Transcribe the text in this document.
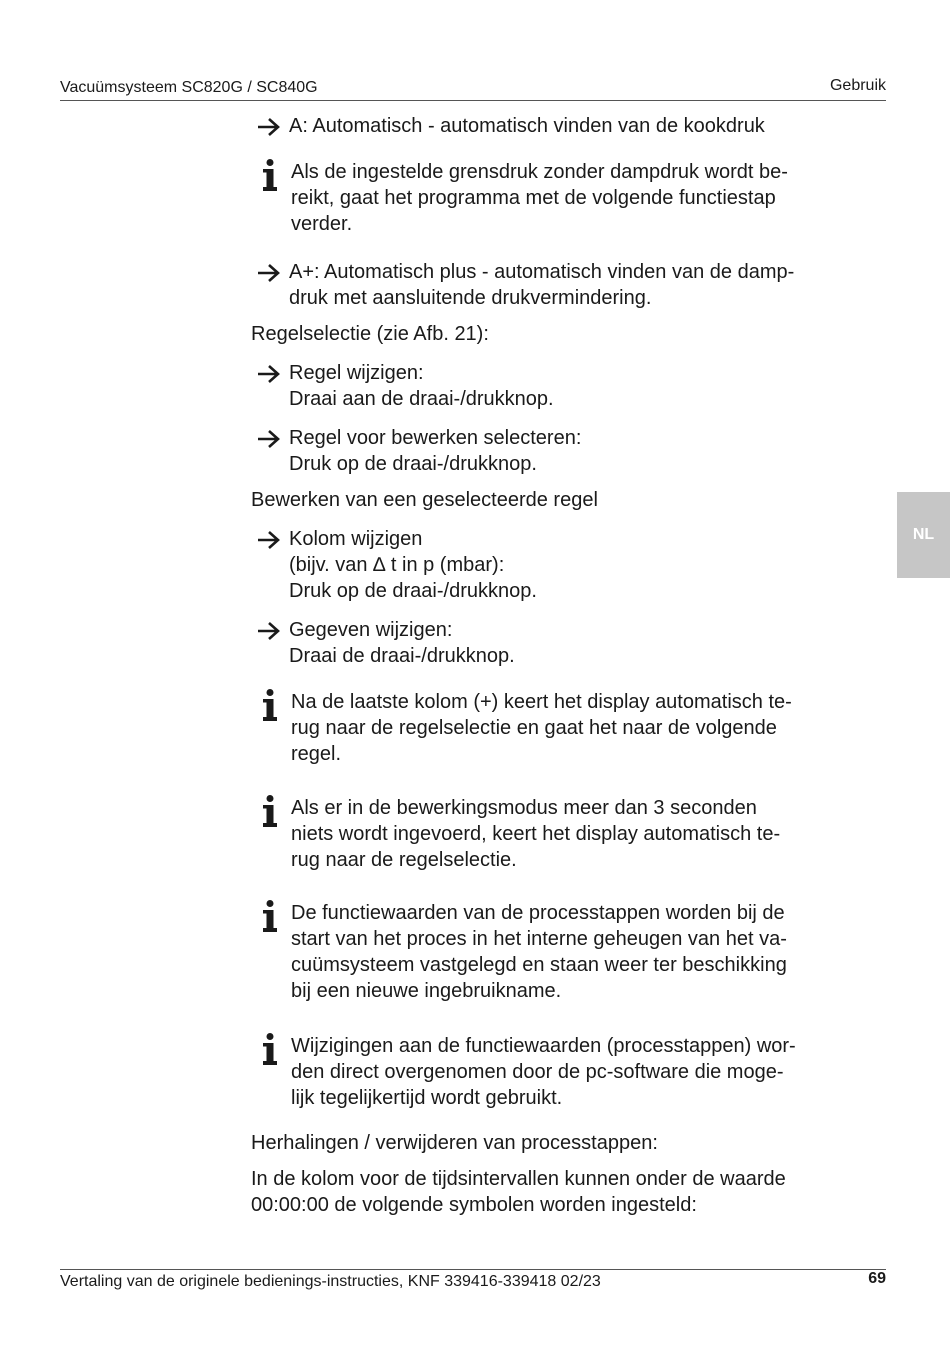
Vacuümsysteem SC820G / SC840G	Gebruik
NL
A: Automatisch - automatisch vinden van de kookdruk
Als de ingestelde grensdruk zonder dampdruk wordt be-
reikt, gaat het programma met de volgende functiestap
verder.
A+: Automatisch plus - automatisch vinden van de damp-
druk met aansluitende drukvermindering.

Regelselectie (zie Afb. 21):

Regel wijzigen:
Draai aan de draai-/drukknop.
Regel voor bewerken selecteren:
Druk op de draai-/drukknop.

Bewerken van een geselecteerde regel

Kolom wijzigen
(bijv. van ∆ t in p (mbar):
Druk op de draai-/drukknop.
Gegeven wijzigen:
Draai de draai-/drukknop.
Na de laatste kolom (+) keert het display automatisch te-
rug naar de regelselectie en gaat het naar de volgende
regel.
Als er in de bewerkingsmodus meer dan 3 seconden
niets wordt ingevoerd, keert het display automatisch te-
rug naar de regelselectie.
De functiewaarden van de processtappen worden bij de
start van het proces in het interne geheugen van het va-
cuümsysteem vastgelegd en staan weer ter beschikking
bij een nieuwe ingebruikname.
Wijzigingen aan de functiewaarden (processtappen) wor-
den direct overgenomen door de pc-software die moge-
lijk tegelijkertijd wordt gebruikt.

Herhalingen / verwijderen van processtappen:

In de kolom voor de tijdsintervallen kunnen onder de waarde
00:00:00 de volgende symbolen worden ingesteld:
Vertaling van de originele bedienings-instructies, KNF 339416-339418 02/23	69
